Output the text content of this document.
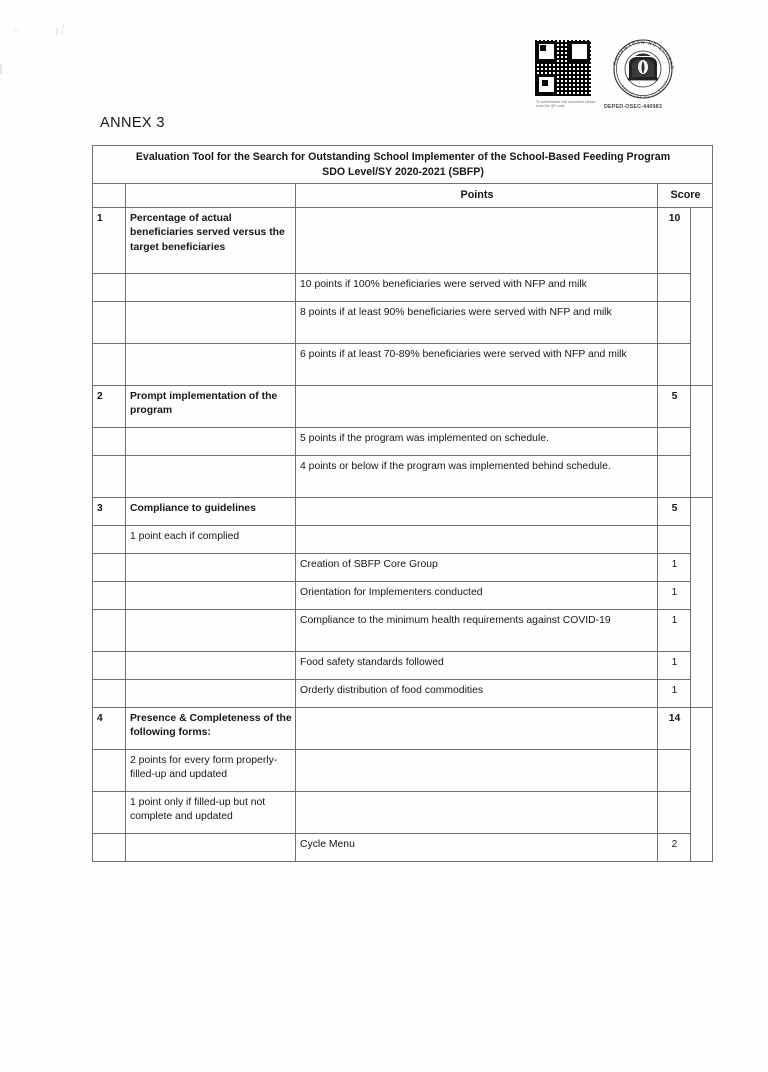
KAGAWARAN NG EDUKAS
REPUBLIKA NG PILIPINAS
To authenticate this document please scan the QR code	DEPED-OSEC-440983
ANNEX 3
Evaluation Tool for the Search for Outstanding School Implementer of the School-Based Feeding Program
SDO Level/SY 2020-2021 (SBFP)				
		Points	Score	
1	Percentage of actual beneficiaries served versus the target beneficiaries		10	
		10 points if 100% beneficiaries were served with NFP and milk		
		8 points if at least 90% beneficiaries were served with NFP and milk		
		6 points if at least 70-89% beneficiaries were served with NFP and milk		
2	Prompt implementation of the program		5	
		5 points if the program was implemented on schedule.		
		4 points or below if the program was implemented behind schedule.		
3	Compliance to guidelines		5	
	1 point each if complied			
		Creation of SBFP Core Group	1	
		Orientation for Implementers conducted	1	
		Compliance to the minimum health requirements against COVID-19	1	
		Food safety standards followed	1	
		Orderly distribution of food commodities	1	
4	Presence & Completeness of the following forms:		14	
	2 points for every form properly-filled-up and updated			
	1 point only if filled-up but not complete and updated			
		Cycle Menu	2	
